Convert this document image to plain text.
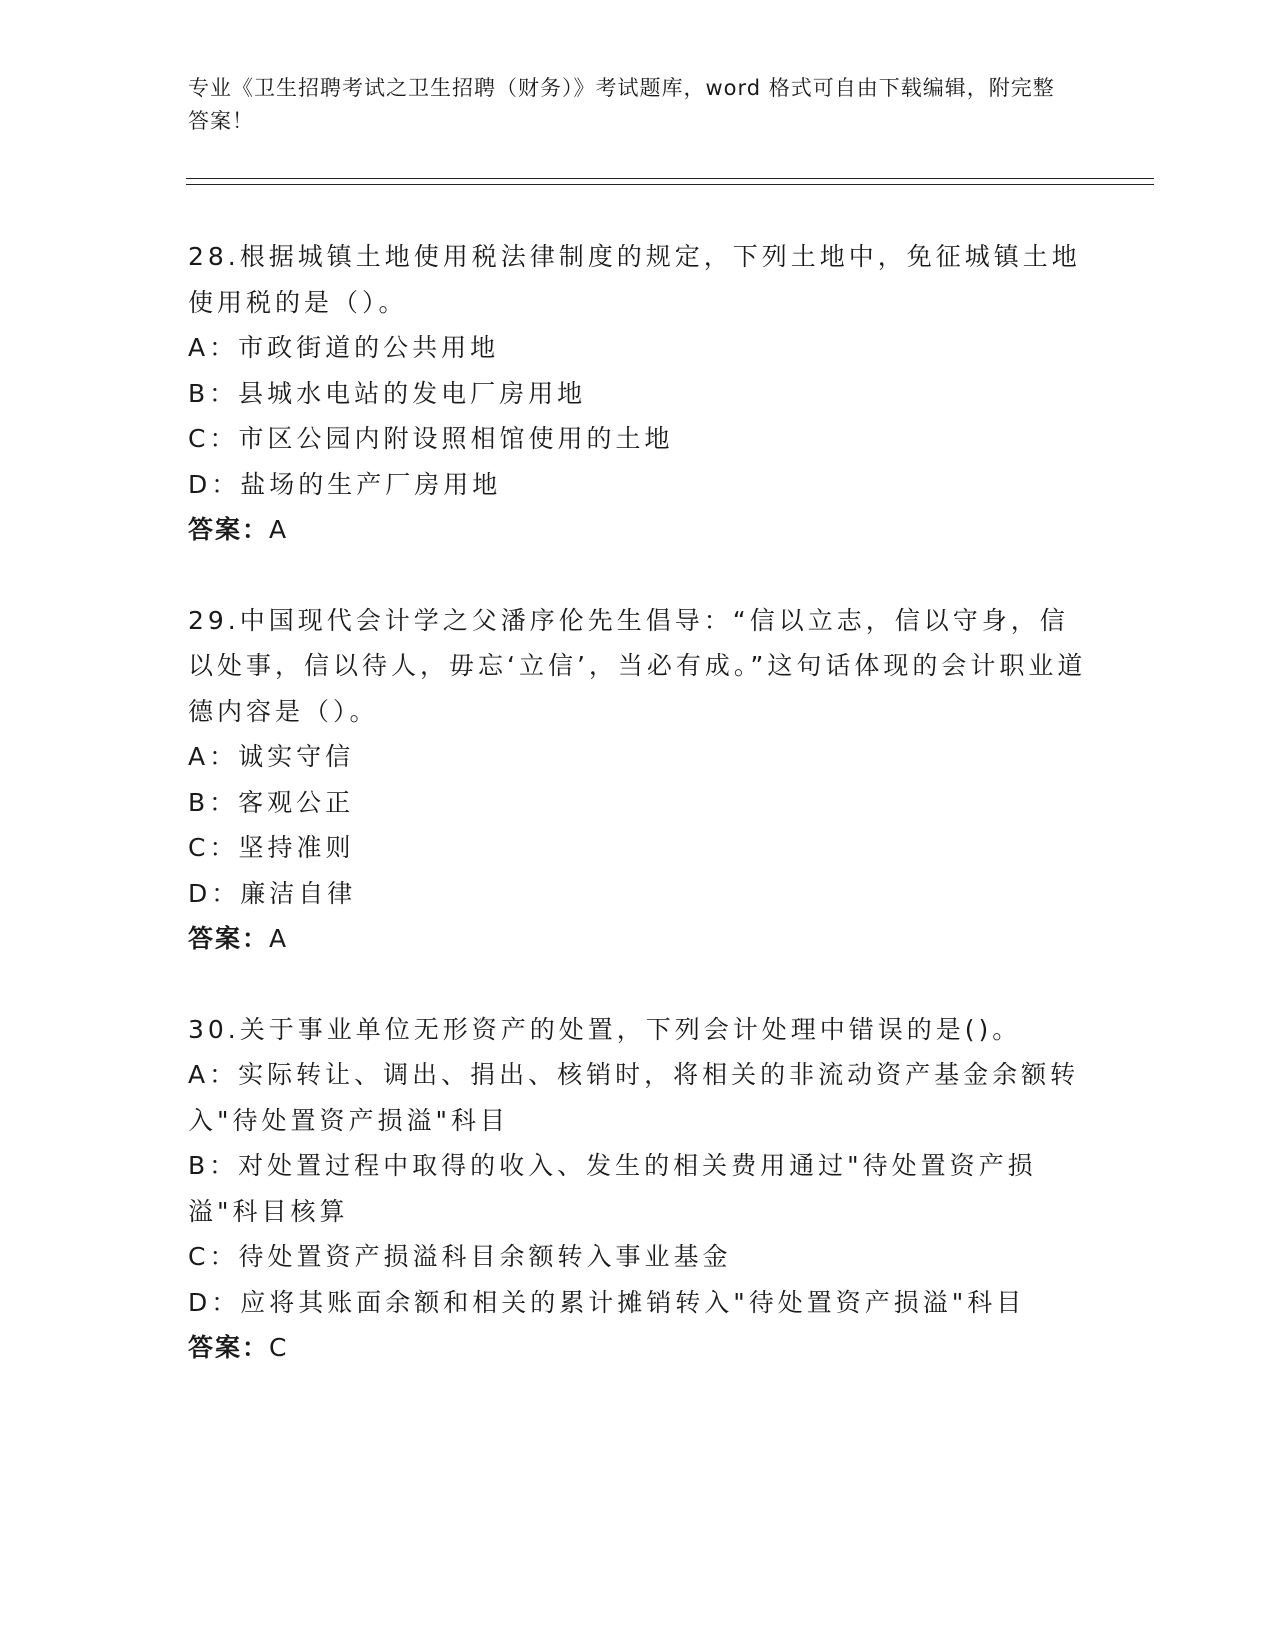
专业《卫生招聘考试之卫生招聘（财务）》考试题库，word 格式可自由下载编辑，附完整答案！

28.根据城镇土地使用税法律制度的规定，下列土地中，免征城镇土地使用税的是（）。

A：市政街道的公共用地

B：县城水电站的发电厂房用地

C：市区公园内附设照相馆使用的土地

D：盐场的生产厂房用地

答案：A

29.中国现代会计学之父潘序伦先生倡导：“信以立志，信以守身，信以处事，信以待人，毋忘‘立信’，当必有成。”这句话体现的会计职业道德内容是（）。

A：诚实守信

B：客观公正

C：坚持准则

D：廉洁自律

答案：A

30.关于事业单位无形资产的处置，下列会计处理中错误的是()。

A：实际转让、调出、捐出、核销时，将相关的非流动资产基金余额转入"待处置资产损溢"科目

B：对处置过程中取得的收入、发生的相关费用通过"待处置资产损溢"科目核算

C：待处置资产损溢科目余额转入事业基金

D：应将其账面余额和相关的累计摊销转入"待处置资产损溢"科目

答案：C
